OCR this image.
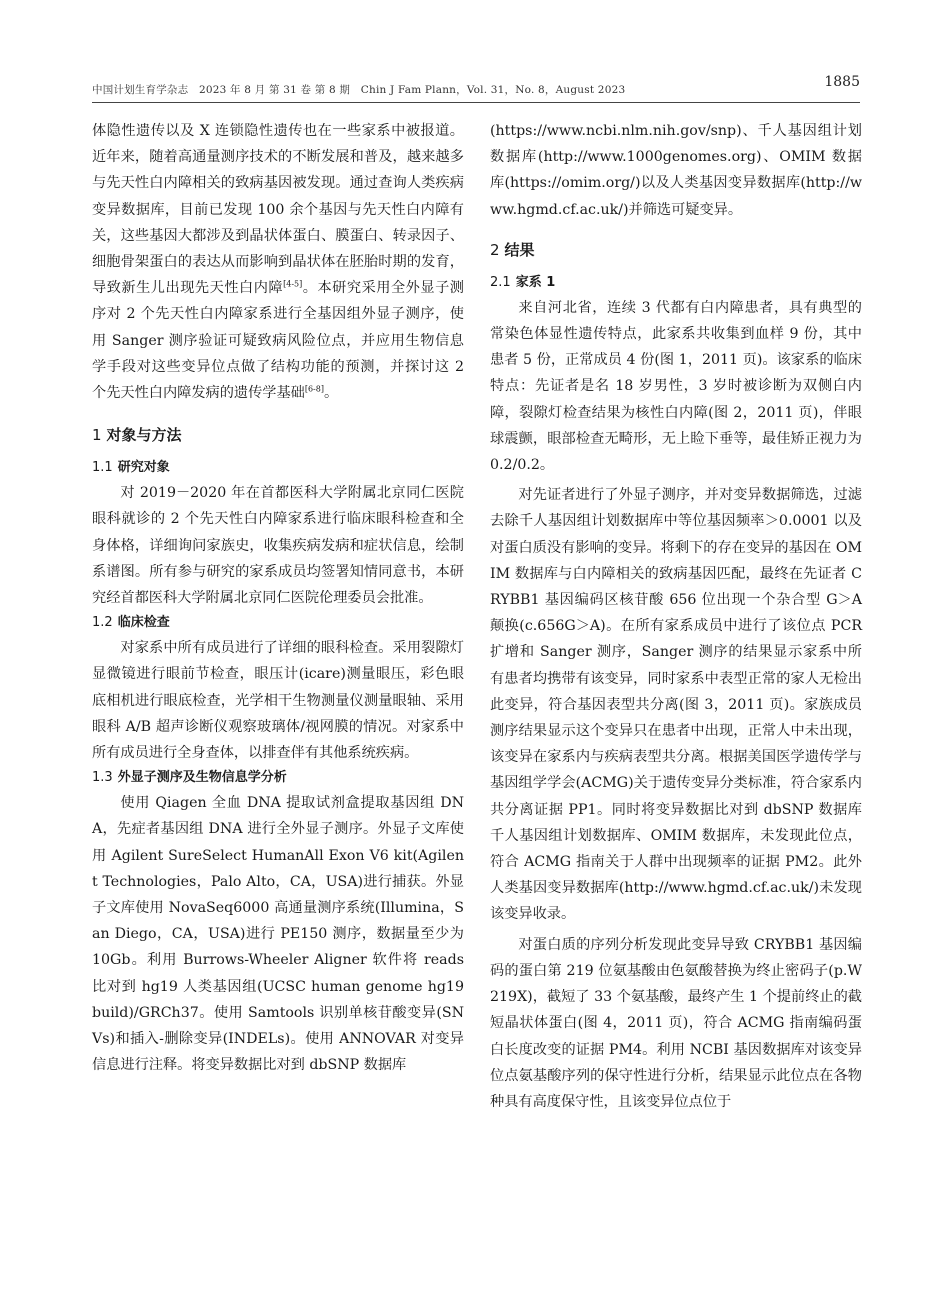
中国计划生育学杂志　2023 年 8 月 第 31 卷 第 8 期　Chin J Fam Plann，Vol. 31，No. 8，August 2023	1885

体隐性遗传以及 X 连锁隐性遗传也在一些家系中被报道。近年来，随着高通量测序技术的不断发展和普及，越来越多与先天性白内障相关的致病基因被发现。通过查询人类疾病变异数据库，目前已发现 100 余个基因与先天性白内障有关，这些基因大都涉及到晶状体蛋白、膜蛋白、转录因子、细胞骨架蛋白的表达从而影响到晶状体在胚胎时期的发育，导致新生儿出现先天性白内障[4-5]。本研究采用全外显子测序对 2 个先天性白内障家系进行全基因组外显子测序，使用 Sanger 测序验证可疑致病风险位点，并应用生物信息学手段对这些变异位点做了结构功能的预测，并探讨这 2 个先天性白内障发病的遗传学基础[6-8]。

1 对象与方法
1.1 研究对象

对 2019－2020 年在首都医科大学附属北京同仁医院眼科就诊的 2 个先天性白内障家系进行临床眼科检查和全身体格，详细询问家族史，收集疾病发病和症状信息，绘制系谱图。所有参与研究的家系成员均签署知情同意书，本研究经首都医科大学附属北京同仁医院伦理委员会批准。

1.2 临床检查

对家系中所有成员进行了详细的眼科检查。采用裂隙灯显微镜进行眼前节检查，眼压计(icare)测量眼压，彩色眼底相机进行眼底检查，光学相干生物测量仪测量眼轴、采用眼科 A/B 超声诊断仪观察玻璃体/视网膜的情况。对家系中所有成员进行全身查体，以排查伴有其他系统疾病。

1.3 外显子测序及生物信息学分析

使用 Qiagen 全血 DNA 提取试剂盒提取基因组 DNA，先症者基因组 DNA 进行全外显子测序。外显子文库使用 Agilent SureSelect HumanAll Exon V6 kit(Agilent Technologies，Palo Alto，CA，USA)进行捕获。外显子文库使用 NovaSeq6000 高通量测序系统(Illumina，San Diego，CA，USA)进行 PE150 测序，数据量至少为 10Gb。利用 Burrows-Wheeler Aligner 软件将 reads 比对到 hg19 人类基因组(UCSC human genome hg19 build)/GRCh37。使用 Samtools 识别单核苷酸变异(SNVs)和插入-删除变异(INDELs)。使用 ANNOVAR 对变异信息进行注释。将变异数据比对到 dbSNP 数据库

(https://www.ncbi.nlm.nih.gov/snp)、千人基因组计划数据库(http://www.1000genomes.org)、OMIM 数据库(https://omim.org/)以及人类基因变异数据库(http://www.hgmd.cf.ac.uk/)并筛选可疑变异。

2 结果
2.1 家系 1

来自河北省，连续 3 代都有白内障患者，具有典型的常染色体显性遗传特点，此家系共收集到血样 9 份，其中患者 5 份，正常成员 4 份(图 1，2011 页)。该家系的临床特点：先证者是名 18 岁男性，3 岁时被诊断为双侧白内障，裂隙灯检查结果为核性白内障(图 2，2011 页)，伴眼球震颤，眼部检查无畸形，无上睑下垂等，最佳矫正视力为 0.2/0.2。

对先证者进行了外显子测序，并对变异数据筛选，过滤去除千人基因组计划数据库中等位基因频率＞0.0001 以及对蛋白质没有影响的变异。将剩下的存在变异的基因在 OMIM 数据库与白内障相关的致病基因匹配，最终在先证者 CRYBB1 基因编码区核苷酸 656 位出现一个杂合型 G＞A 颠换(c.656G＞A)。在所有家系成员中进行了该位点 PCR 扩增和 Sanger 测序，Sanger 测序的结果显示家系中所有患者均携带有该变异，同时家系中表型正常的家人无检出此变异，符合基因表型共分离(图 3，2011 页)。家族成员测序结果显示这个变异只在患者中出现，正常人中未出现，该变异在家系内与疾病表型共分离。根据美国医学遗传学与基因组学学会(ACMG)关于遗传变异分类标准，符合家系内共分离证据 PP1。同时将变异数据比对到 dbSNP 数据库千人基因组计划数据库、OMIM 数据库，未发现此位点，符合 ACMG 指南关于人群中出现频率的证据 PM2。此外人类基因变异数据库(http://www.hgmd.cf.ac.uk/)未发现该变异收录。

对蛋白质的序列分析发现此变异导致 CRYBB1 基因编码的蛋白第 219 位氨基酸由色氨酸替换为终止密码子(p.W219X)，截短了 33 个氨基酸，最终产生 1 个提前终止的截短晶状体蛋白(图 4，2011 页)，符合 ACMG 指南编码蛋白长度改变的证据 PM4。利用 NCBI 基因数据库对该变异位点氨基酸序列的保守性进行分析，结果显示此位点在各物种具有高度保守性，且该变异位点位于
